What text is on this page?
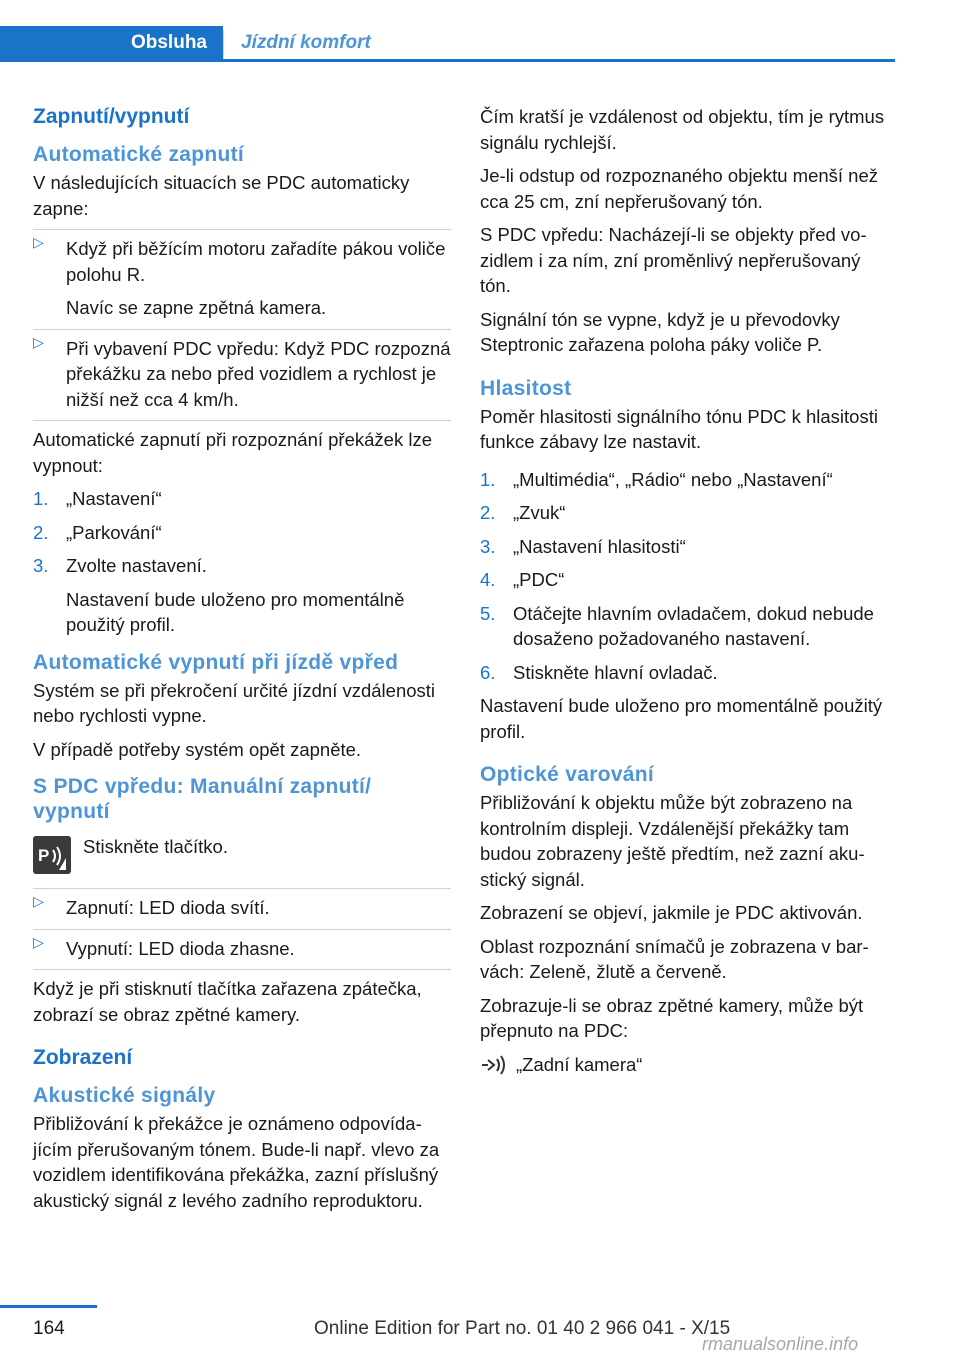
Obsluha	Jízdní komfort
Zapnutí/vypnutí
Automatické zapnutí

V následujících situacích se PDC automaticky zapne:

▷ Když při běžícím motoru zařadíte pákou voliče polohu R.
Navíc se zapne zpětná kamera.
▷ Při vybavení PDC vpředu: Když PDC rozpozná překážku za nebo před vozidlem a rychlost je nižší než cca 4 km/h.

Automatické zapnutí při rozpoznání překážek lze vypnout:

1. „Nastavení“
2. „Parkování“
3. Zvolte nastavení.
Nastavení bude uloženo pro momentálně použitý profil.
Automatické vypnutí při jízdě vpřed

Systém se při překročení určité jízdní vzdálenosti nebo rychlosti vypne.

V případě potřeby systém opět zapněte.

S PDC vpředu: Manuální zapnutí/ vypnutí
P Stiskněte tlačítko.
▷ Zapnutí: LED dioda svítí.
▷ Vypnutí: LED dioda zhasne.

Když je při stisknutí tlačítka zařazena zpátečka, zobrazí se obraz zpětné kamery.

Zobrazení
Akustické signály

Přibližování k překážce je oznámeno odpovídajícím přerušovaným tónem. Bude-li např. vlevo za vozidlem identifikována překážka, zazní příslušný akustický signál z levého zadního reproduktoru.

Čím kratší je vzdálenost od objektu, tím je rytmus signálu rychlejší.

Je-li odstup od rozpoznaného objektu menší než cca 25 cm, zní nepřerušovaný tón.

S PDC vpředu: Nacházejí-li se objekty před vozidlem i za ním, zní proměnlivý nepřerušovaný tón.

Signální tón se vypne, když je u převodovky Steptronic zařazena poloha páky voliče P.

Hlasitost

Poměr hlasitosti signálního tónu PDC k hlasitosti funkce zábavy lze nastavit.

1. „Multimédia“, „Rádio“ nebo „Nastavení“
2. „Zvuk“
3. „Nastavení hlasitosti“
4. „PDC“
5. Otáčejte hlavním ovladačem, dokud nebude dosaženo požadovaného nastavení.
6. Stiskněte hlavní ovladač.

Nastavení bude uloženo pro momentálně použitý profil.

Optické varování

Přibližování k objektu může být zobrazeno na kontrolním displeji. Vzdálenější překážky tam budou zobrazeny ještě předtím, než zazní akustický signál.

Zobrazení se objeví, jakmile je PDC aktivován.

Oblast rozpoznání snímačů je zobrazena v barvách: Zeleně, žlutě a červeně.

Zobrazuje-li se obraz zpětné kamery, může být přepnuto na PDC:

„Zadní kamera“
164	Online Edition for Part no. 01 40 2 966 041 - X/15
rmanualsonline.info
